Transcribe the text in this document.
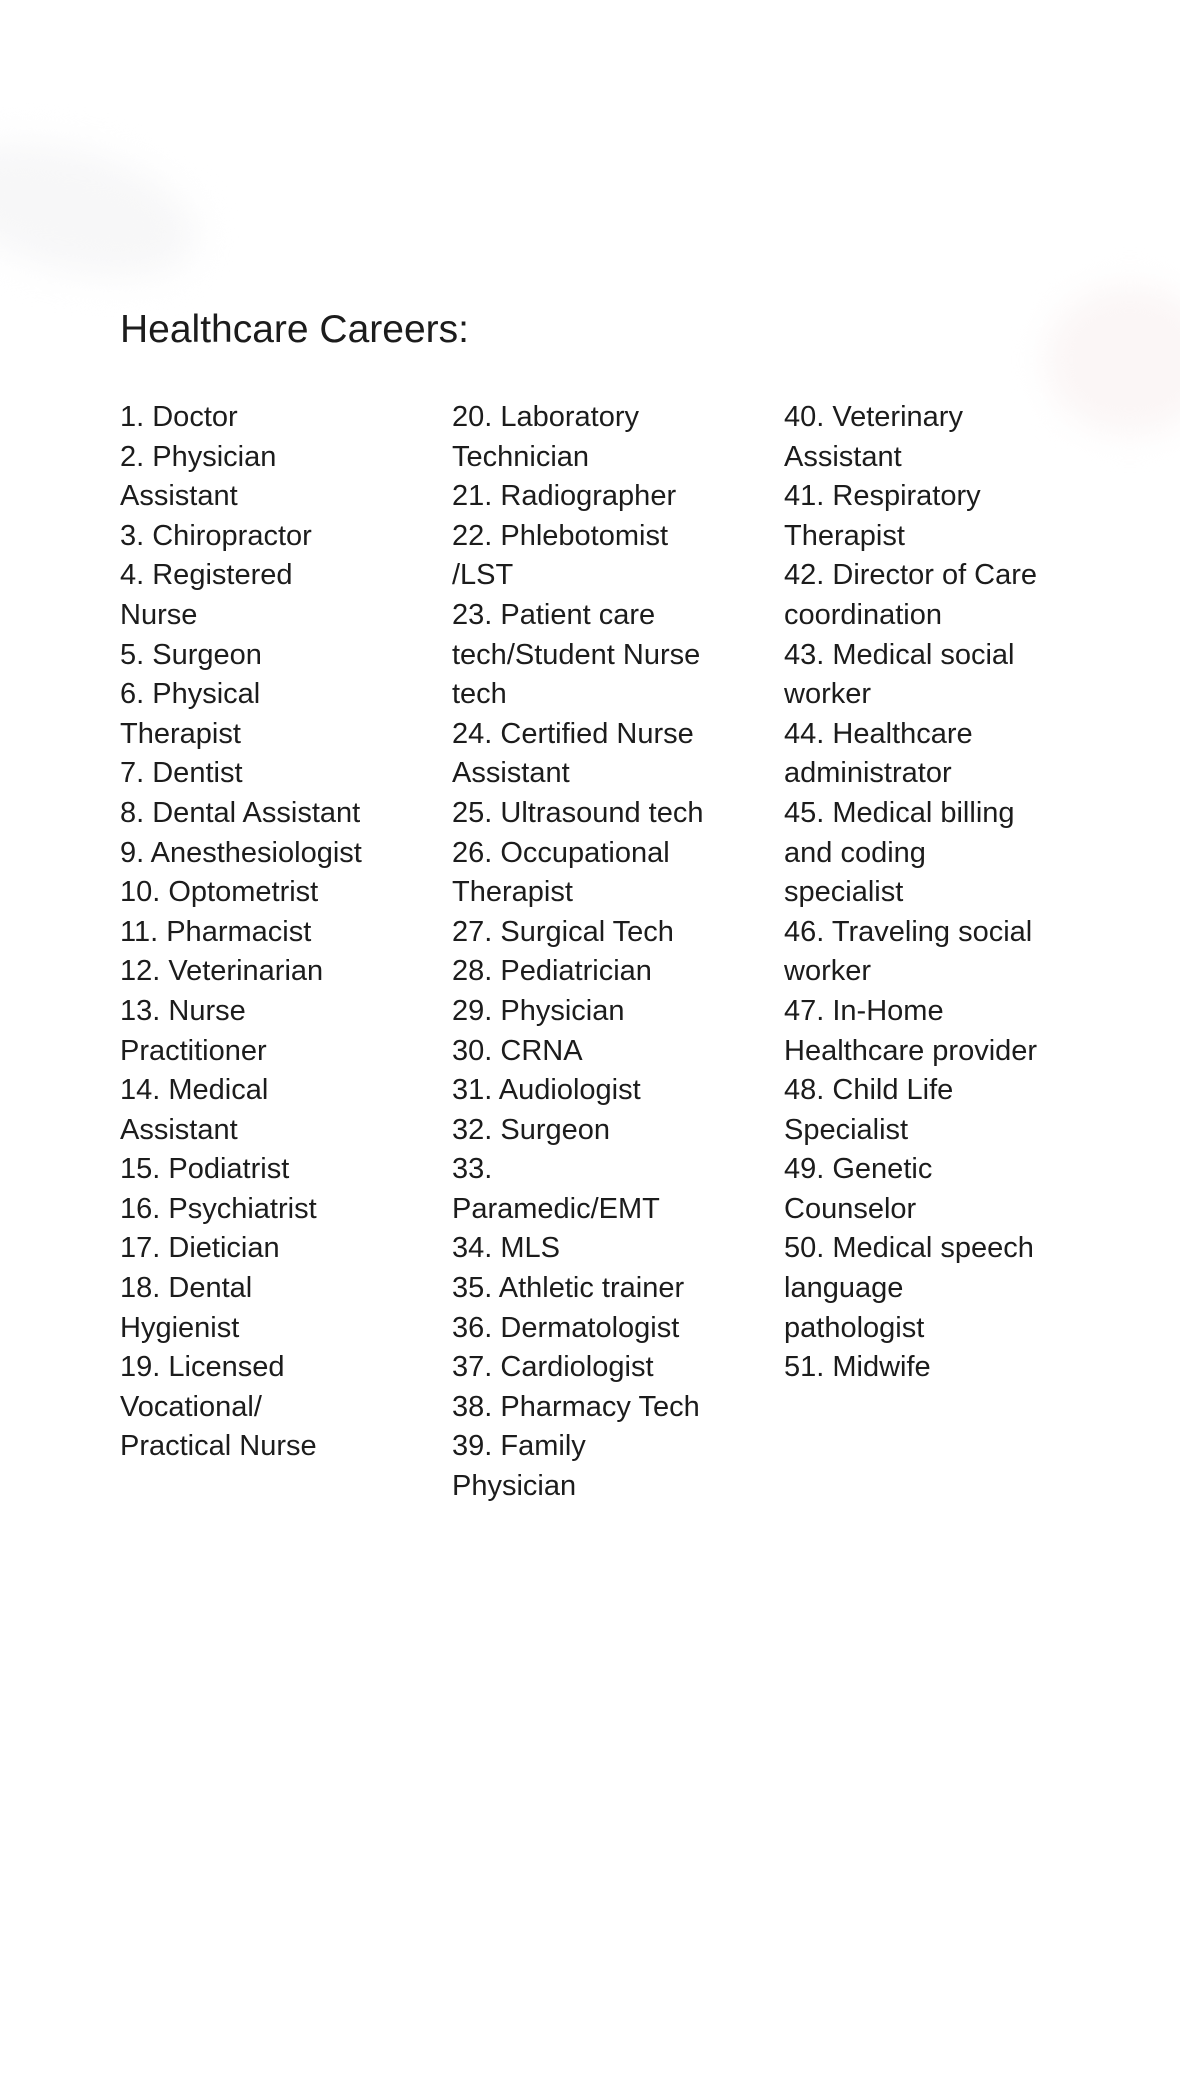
Healthcare Careers:
1. Doctor
2. Physician
Assistant
3. Chiropractor
4. Registered
Nurse
5. Surgeon
6. Physical
Therapist
7. Dentist
8. Dental Assistant
9. Anesthesiologist
10. Optometrist
11. Pharmacist
12. Veterinarian
13. Nurse
Practitioner
14. Medical
Assistant
15. Podiatrist
16. Psychiatrist
17. Dietician
18. Dental
Hygienist
19. Licensed
Vocational/
Practical Nurse
20. Laboratory
Technician
21. Radiographer
22. Phlebotomist
/LST
23. Patient care
tech/Student Nurse
tech
24. Certified Nurse
Assistant
25. Ultrasound tech
26. Occupational
Therapist
27. Surgical Tech
28. Pediatrician
29. Physician
30. CRNA
31. Audiologist
32. Surgeon
33.
Paramedic/EMT
34. MLS
35. Athletic trainer
36. Dermatologist
37. Cardiologist
38. Pharmacy Tech
39. Family
Physician
40. Veterinary
Assistant
41. Respiratory
Therapist
42. Director of Care
coordination
43. Medical social
worker
44. Healthcare
administrator
45. Medical billing
and coding
specialist
46. Traveling social
worker
47. In-Home
Healthcare provider
48. Child Life
Specialist
49. Genetic
Counselor
50. Medical speech
language
pathologist
51. Midwife
